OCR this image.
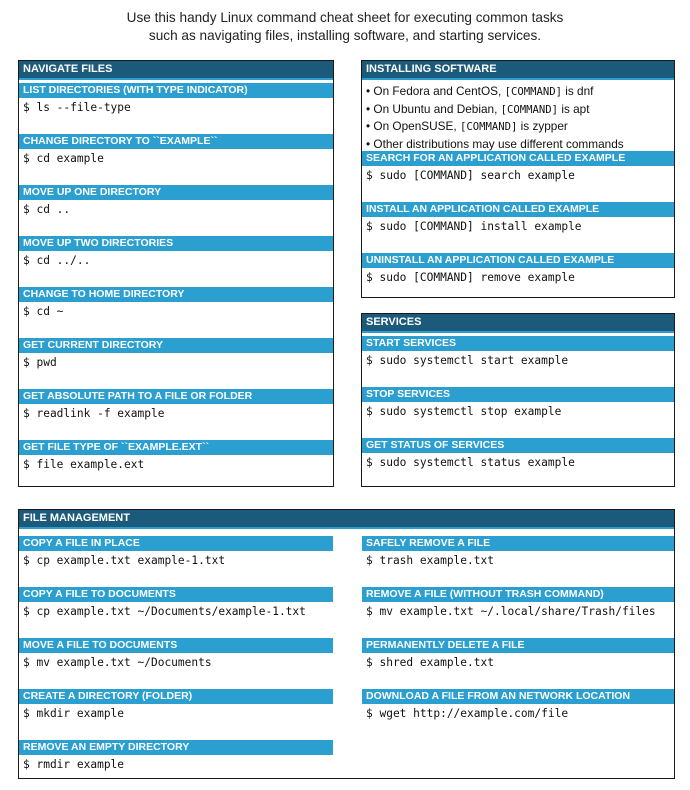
Use this handy Linux command cheat sheet for executing common tasks
such as navigating files, installing software, and starting services.
NAVIGATE FILES
LIST DIRECTORIES (WITH TYPE INDICATOR)
$ ls --file-type
CHANGE DIRECTORY TO ``EXAMPLE``
$ cd example
MOVE UP ONE DIRECTORY
$ cd ..
MOVE UP TWO DIRECTORIES
$ cd ../..
CHANGE TO HOME DIRECTORY
$ cd ~
GET CURRENT DIRECTORY
$ pwd
GET ABSOLUTE PATH TO A FILE OR FOLDER
$ readlink -f example
GET FILE TYPE OF ``EXAMPLE.EXT``
$ file example.ext
INSTALLING SOFTWARE
• On Fedora and CentOS, [COMMAND] is dnf
• On Ubuntu and Debian, [COMMAND] is apt
• On OpenSUSE, [COMMAND] is zypper
• Other distributions may use different commands
SEARCH FOR AN APPLICATION CALLED EXAMPLE
$ sudo [COMMAND] search example
INSTALL AN APPLICATION CALLED EXAMPLE
$ sudo [COMMAND] install example
UNINSTALL AN APPLICATION CALLED EXAMPLE
$ sudo [COMMAND] remove example
SERVICES
START SERVICES
$ sudo systemctl start example
STOP SERVICES
$ sudo systemctl stop example
GET STATUS OF SERVICES
$ sudo systemctl status example
FILE MANAGEMENT
COPY A FILE IN PLACE
$ cp example.txt example-1.txt
COPY A FILE TO DOCUMENTS
$ cp example.txt ~/Documents/example-1.txt
MOVE A FILE TO DOCUMENTS
$ mv example.txt ~/Documents
CREATE A DIRECTORY (FOLDER)
$ mkdir example
REMOVE AN EMPTY DIRECTORY
$ rmdir example
SAFELY REMOVE A FILE
$ trash example.txt
REMOVE A FILE (WITHOUT TRASH COMMAND)
$ mv example.txt ~/.local/share/Trash/files
PERMANENTLY DELETE A FILE
$ shred example.txt
DOWNLOAD A FILE FROM AN NETWORK LOCATION
$ wget http://example.com/file
